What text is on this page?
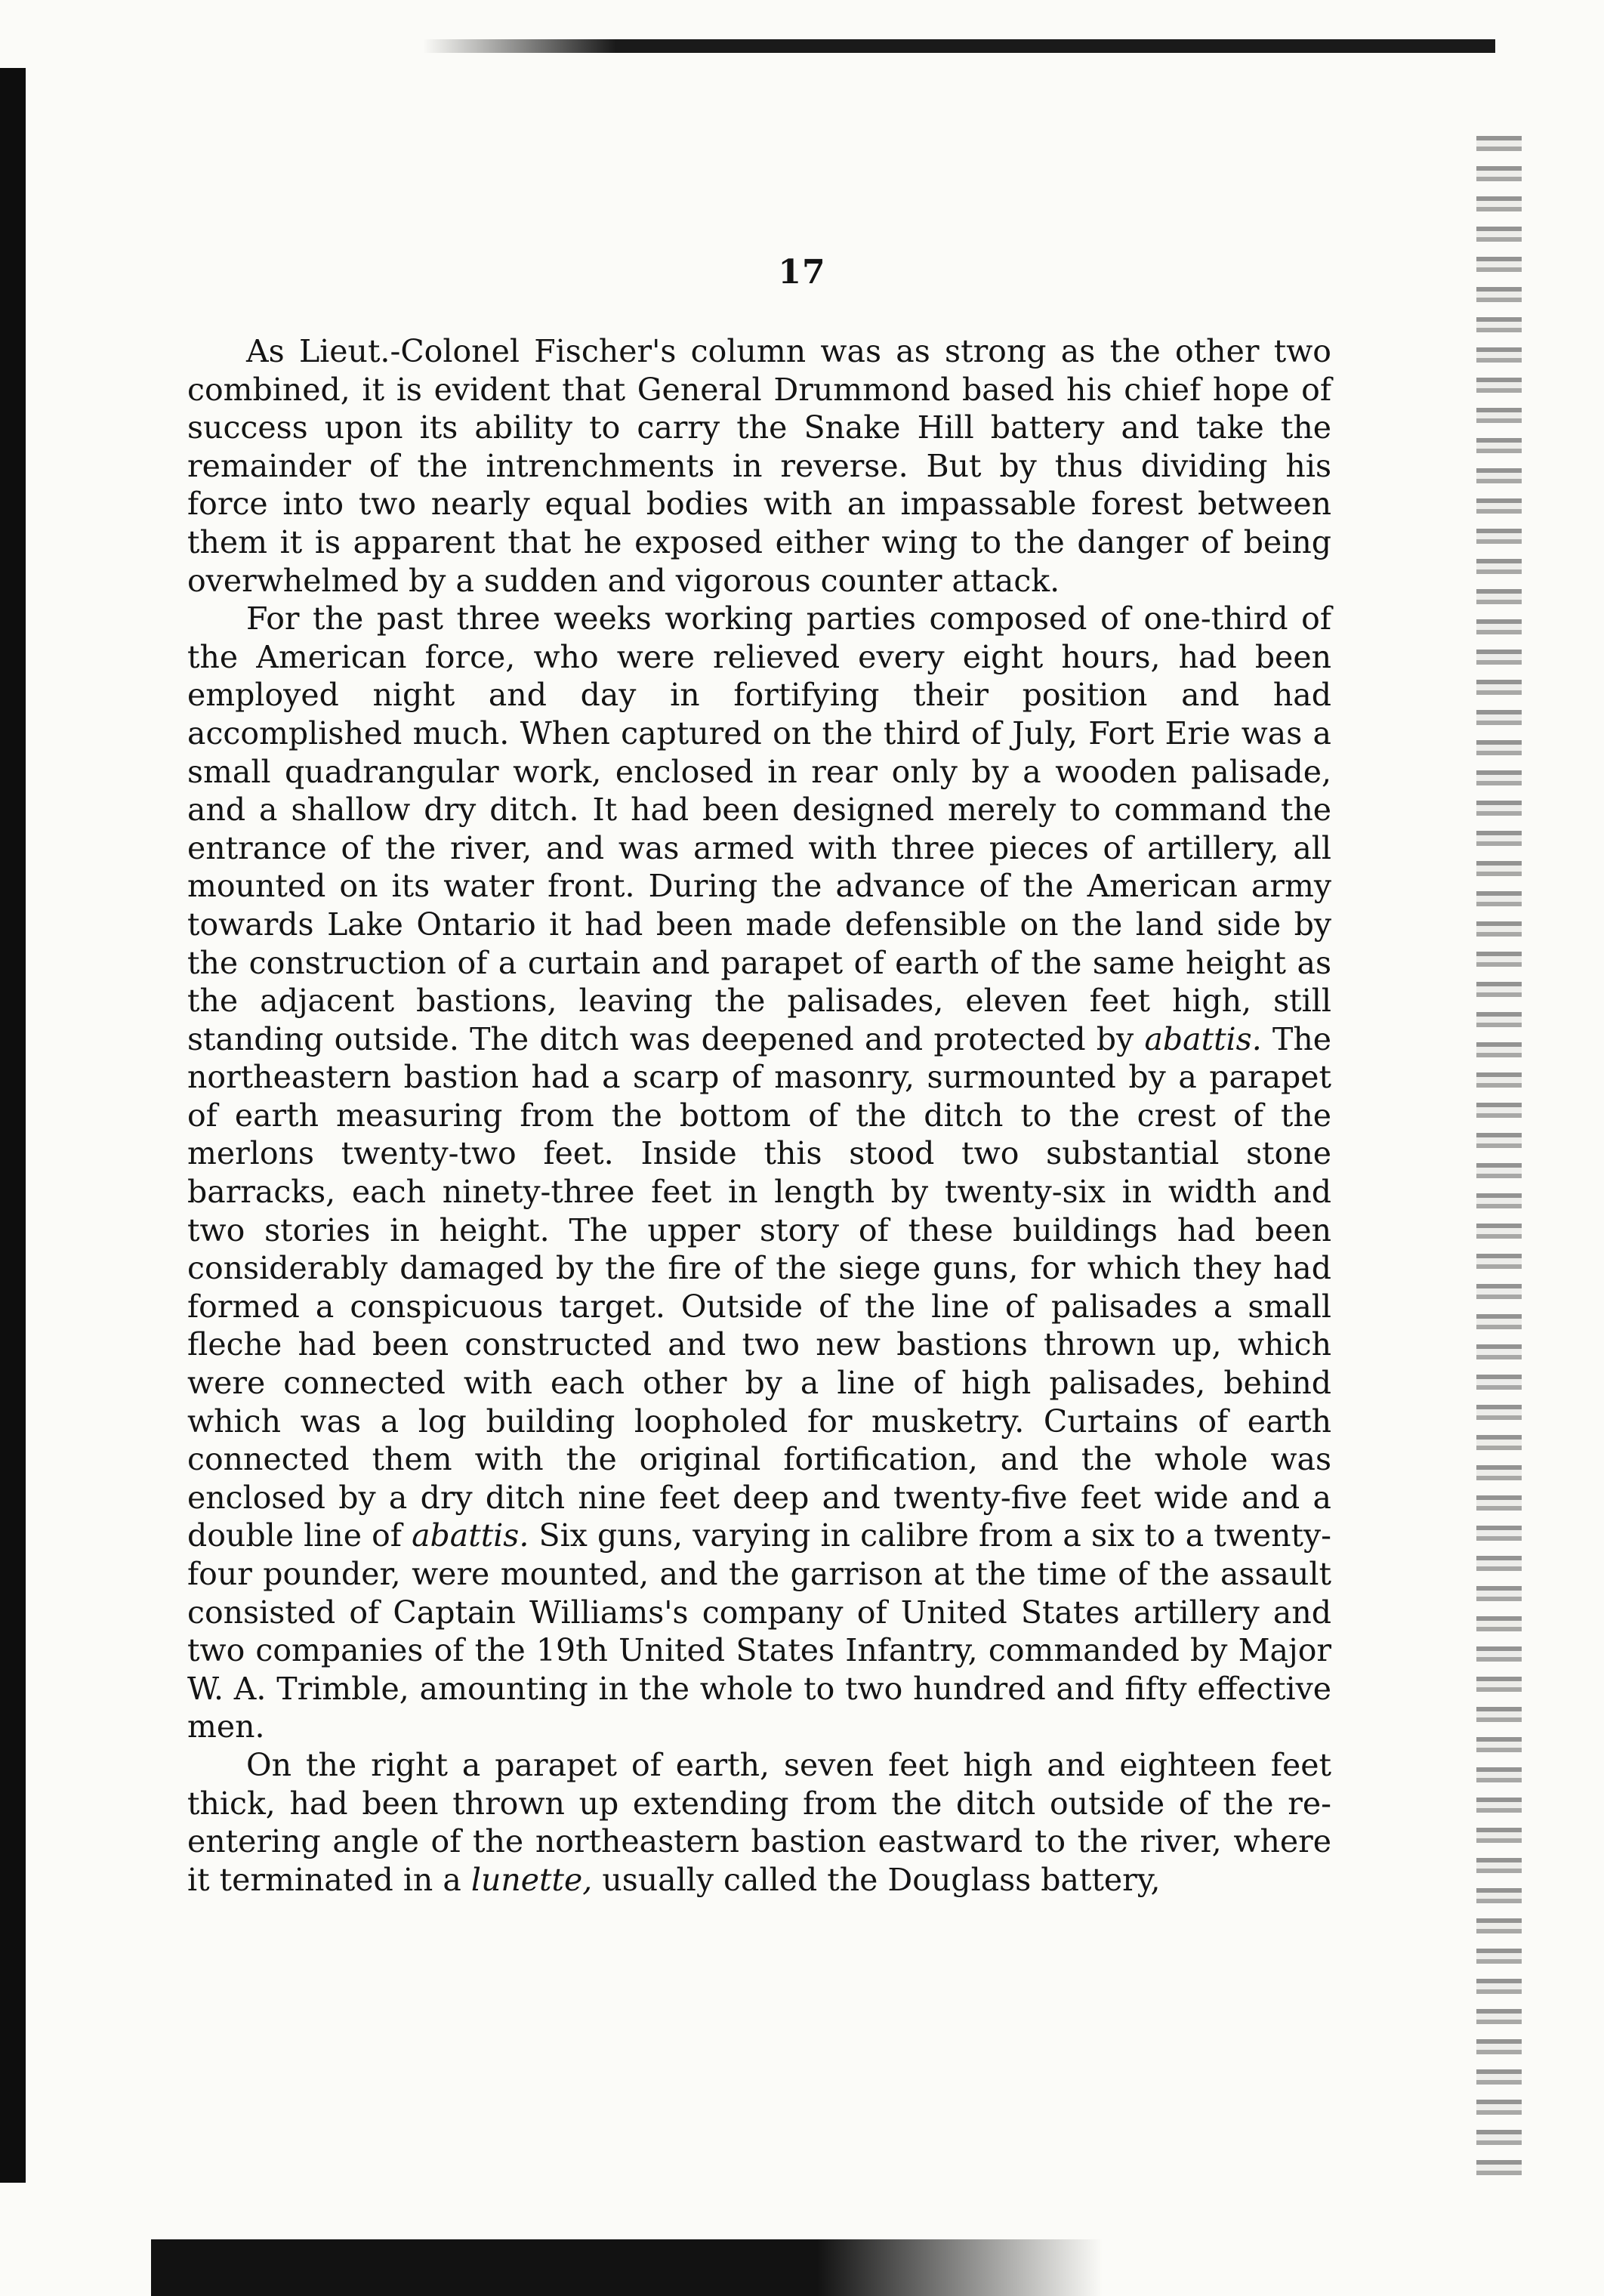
17

As Lieut.-Colonel Fischer's column was as strong as the other two combined, it is evident that General Drummond based his chief hope of success upon its ability to carry the Snake Hill battery and take the remainder of the intrenchments in reverse. But by thus dividing his force into two nearly equal bodies with an impassable forest between them it is apparent that he exposed either wing to the danger of being overwhelmed by a sudden and vigorous counter attack.

For the past three weeks working parties composed of one-third of the American force, who were relieved every eight hours, had been employed night and day in fortifying their position and had accomplished much. When captured on the third of July, Fort Erie was a small quadrangular work, enclosed in rear only by a wooden palisade, and a shallow dry ditch. It had been designed merely to command the entrance of the river, and was armed with three pieces of artillery, all mounted on its water front. During the advance of the American army towards Lake Ontario it had been made defensible on the land side by the construction of a curtain and parapet of earth of the same height as the adjacent bastions, leaving the palisades, eleven feet high, still standing outside. The ditch was deepened and protected by abattis. The northeastern bastion had a scarp of masonry, surmounted by a parapet of earth measuring from the bottom of the ditch to the crest of the merlons twenty-two feet. Inside this stood two substantial stone barracks, each ninety-three feet in length by twenty-six in width and two stories in height. The upper story of these buildings had been considerably damaged by the fire of the siege guns, for which they had formed a conspicuous target. Outside of the line of palisades a small fleche had been constructed and two new bastions thrown up, which were connected with each other by a line of high palisades, behind which was a log building loopholed for musketry. Curtains of earth connected them with the original fortification, and the whole was enclosed by a dry ditch nine feet deep and twenty-five feet wide and a double line of abattis. Six guns, varying in calibre from a six to a twenty-four pounder, were mounted, and the garrison at the time of the assault consisted of Captain Williams's company of United States artillery and two companies of the 19th United States Infantry, commanded by Major W. A. Trimble, amounting in the whole to two hundred and fifty effective men.

On the right a parapet of earth, seven feet high and eighteen feet thick, had been thrown up extending from the ditch outside of the re-entering angle of the northeastern bastion eastward to the river, where it terminated in a lunette, usually called the Douglass battery,
